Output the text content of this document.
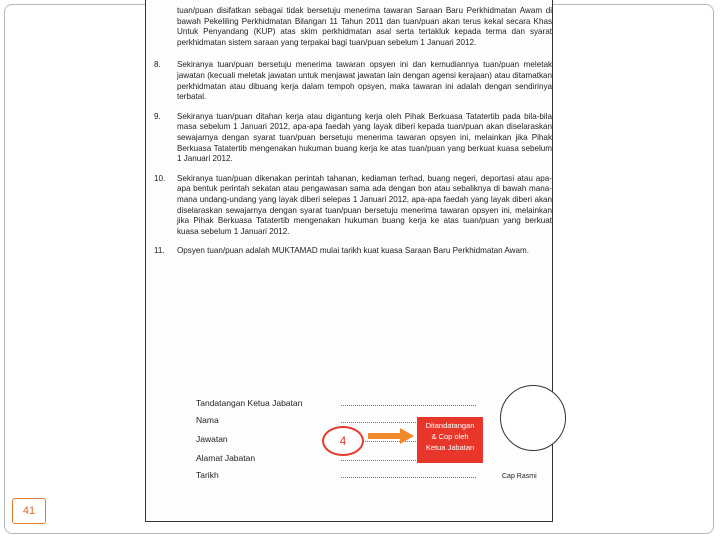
tuan/puan disifatkan sebagai tidak bersetuju menerima tawaran Saraan Baru Perkhidmatan Awam di bawah Pekeliling Perkhidmatan Bilangan 11 Tahun 2011 dan tuan/puan akan terus kekal secara Khas Untuk Penyandang (KUP) atas skim perkhidmatan asal serta tertakluk kepada terma dan syarat perkhidmatan sistem saraan yang terpakai bagi tuan/puan sebelum 1 Januari 2012.

8. Sekiranya tuan/puan bersetuju menerima tawaran opsyen ini dan kemudiannya tuan/puan meletak jawatan (kecuali meletak jawatan untuk menjawat jawatan lain dengan agensi kerajaan) atau ditamatkan perkhidmatan atau dibuang kerja dalam tempoh opsyen, maka tawaran ini adalah dengan sendirinya terbatal.

9. Sekiranya tuan/puan ditahan kerja atau digantung kerja oleh Pihak Berkuasa Tatatertib pada bila-bila masa sebelum 1 Januari 2012, apa-apa faedah yang layak diberi kepada tuan/puan akan diselaraskan sewajarnya dengan syarat tuan/puan bersetuju menerima tawaran opsyen ini, melainkan jika Pihak Berkuasa Tatatertib mengenakan hukuman buang kerja ke atas tuan/puan yang berkuat kuasa sebelum 1 Januari 2012.

10. Sekiranya tuan/puan dikenakan perintah tahanan, kediaman terhad, buang negeri, deportasi atau apa-apa bentuk perintah sekatan atau pengawasan sama ada dengan bon atau sebaliknya di bawah mana-mana undang-undang yang layak diberi selepas 1 Januari 2012, apa-apa faedah yang layak diberi akan diselaraskan sewajarnya dengan syarat tuan/puan bersetuju menerima tawaran opsyen ini, melainkan jika Pihak Berkuasa Tatatertib mengenakan hukuman buang kerja ke atas tuan/puan yang berkuat kuasa sebelum 1 Januari 2012.

11. Opsyen tuan/puan adalah MUKTAMAD mulai tarikh kuat kuasa Saraan Baru Perkhidmatan Awam.

Tandatangan Ketua Jabatan
Nama
Jawatan
Alamat Jabatan
Tarikh	Cap Rasmi
4
Ditandatangan
& Cop oleh
Ketua Jabatan
41
